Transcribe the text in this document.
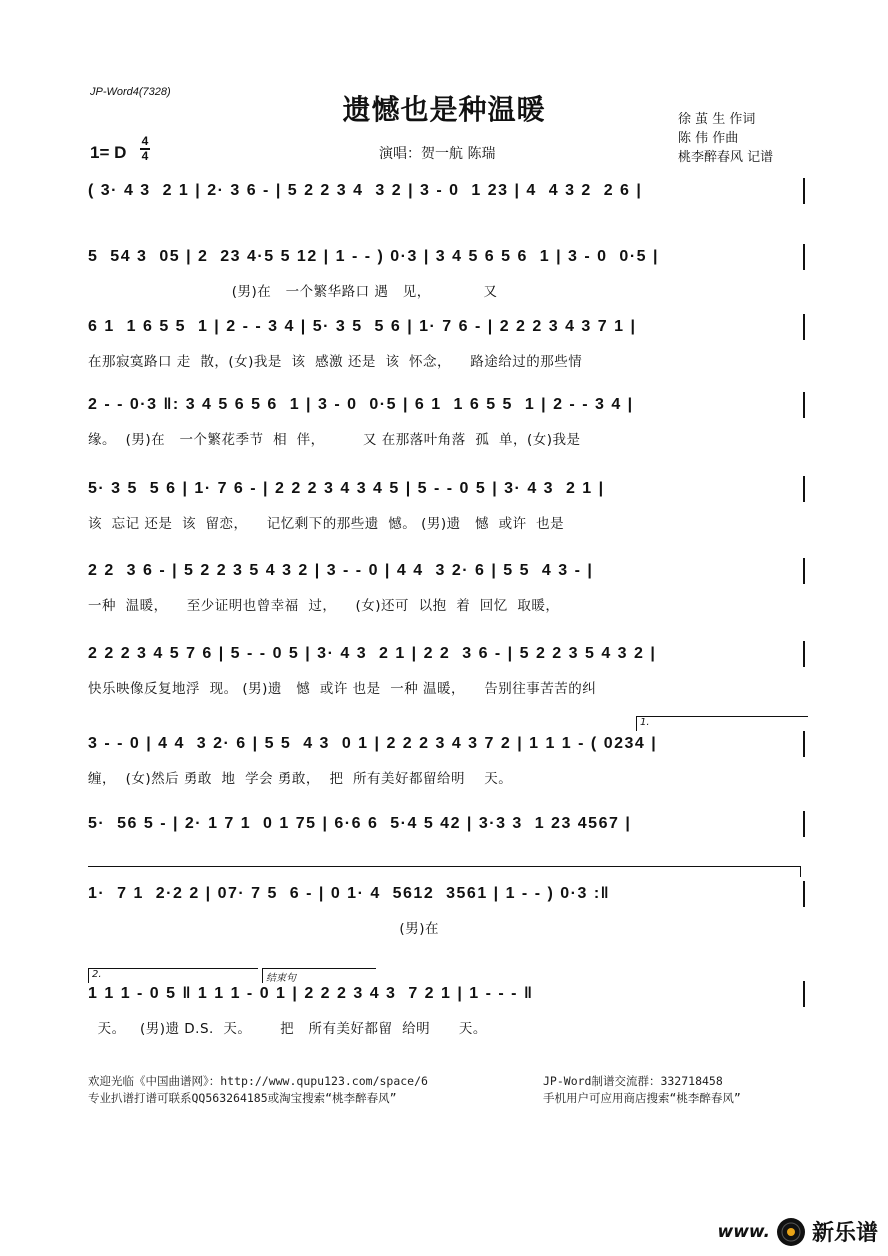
JP-Word4(7328)
遗憾也是种温暖
1= D
4
4	演唱：贺一航 陈瑞
徐 茧 生 作词
陈 伟 作曲
桃李醉春风 记谱
( 3· 4 3  2 1 | 2· 3 6 - | 5 2 2 3 4  3 2 | 3 - 0  1 23 | 4  4 3 2  2 6 |
5  54 3  05 | 2  23 4·5 5 12 | 1 - - ) 0·3 | 3 4 5 6 5 6  1 | 3 - 0  0·5 |
(男)在   一个繁华路口 遇   见，           又
6 1  1 6 5 5  1 | 2 - - 3 4 | 5· 3 5  5 6 | 1· 7 6 - | 2 2 2 3 4 3 7 1 |
在那寂寞路口 走  散，(女)我是  该  感激 还是  该  怀念，    路途给过的那些情
2 - - 0·3 ‖: 3 4 5 6 5 6  1 | 3 - 0  0·5 | 6 1  1 6 5 5  1 | 2 - - 3 4 |
缘。  (男)在   一个繁花季节  相  伴，        又 在那落叶角落  孤  单，(女)我是
5· 3 5  5 6 | 1· 7 6 - | 2 2 2 3 4 3 4 5 | 5 - - 0 5 | 3· 4 3  2 1 |
该  忘记 还是  该  留恋，    记忆剩下的那些遗  憾。 (男)遗   憾  或许  也是
2 2  3 6 - | 5 2 2 3 5 4 3 2 | 3 - - 0 | 4 4  3 2· 6 | 5 5  4 3 - |
一种  温暖，    至少证明也曾幸福  过，    (女)还可  以抱  着  回忆  取暖，
2 2 2 3 4 5 7 6 | 5 - - 0 5 | 3· 4 3  2 1 | 2 2  3 6 - | 5 2 2 3 5 4 3 2 |
快乐映像反复地浮  现。 (男)遗   憾  或许 也是  一种 温暖，    告别往事苦苦的纠
3 - - 0 | 4 4  3 2· 6 | 5 5  4 3  0 1 | 2 2 2 3 4 3 7 2 | 1 1 1 - ( 0234 |
缠，  (女)然后 勇敢  地  学会 勇敢，  把  所有美好都留给明    天。
5·  56 5 - | 2· 1 7 1  0 1 75 | 6·6 6  5·4 5 42 | 3·3 3  1 23 4567 |
1·  7 1  2·2 2 | 07· 7 5  6 - | 0 1· 4  5612  3561 | 1 - - ) 0·3 :‖
(男)在
1 1 1 - 0 5 ‖ 1 1 1 - 0 1 | 2 2 2 3 4 3  7 2 1 | 1 - - - ‖
天。   (男)遗 D.S.  天。      把   所有美好都留  给明      天。
1.
2.	结束句
欢迎光临《中国曲谱网》：http://www.qupu123.com/space/6
专业扒谱打谱可联系QQ563264185或淘宝搜索“桃李醉春风”
JP-Word制谱交流群：332718458
手机用户可应用商店搜索“桃李醉春风”
www. 新乐谱
